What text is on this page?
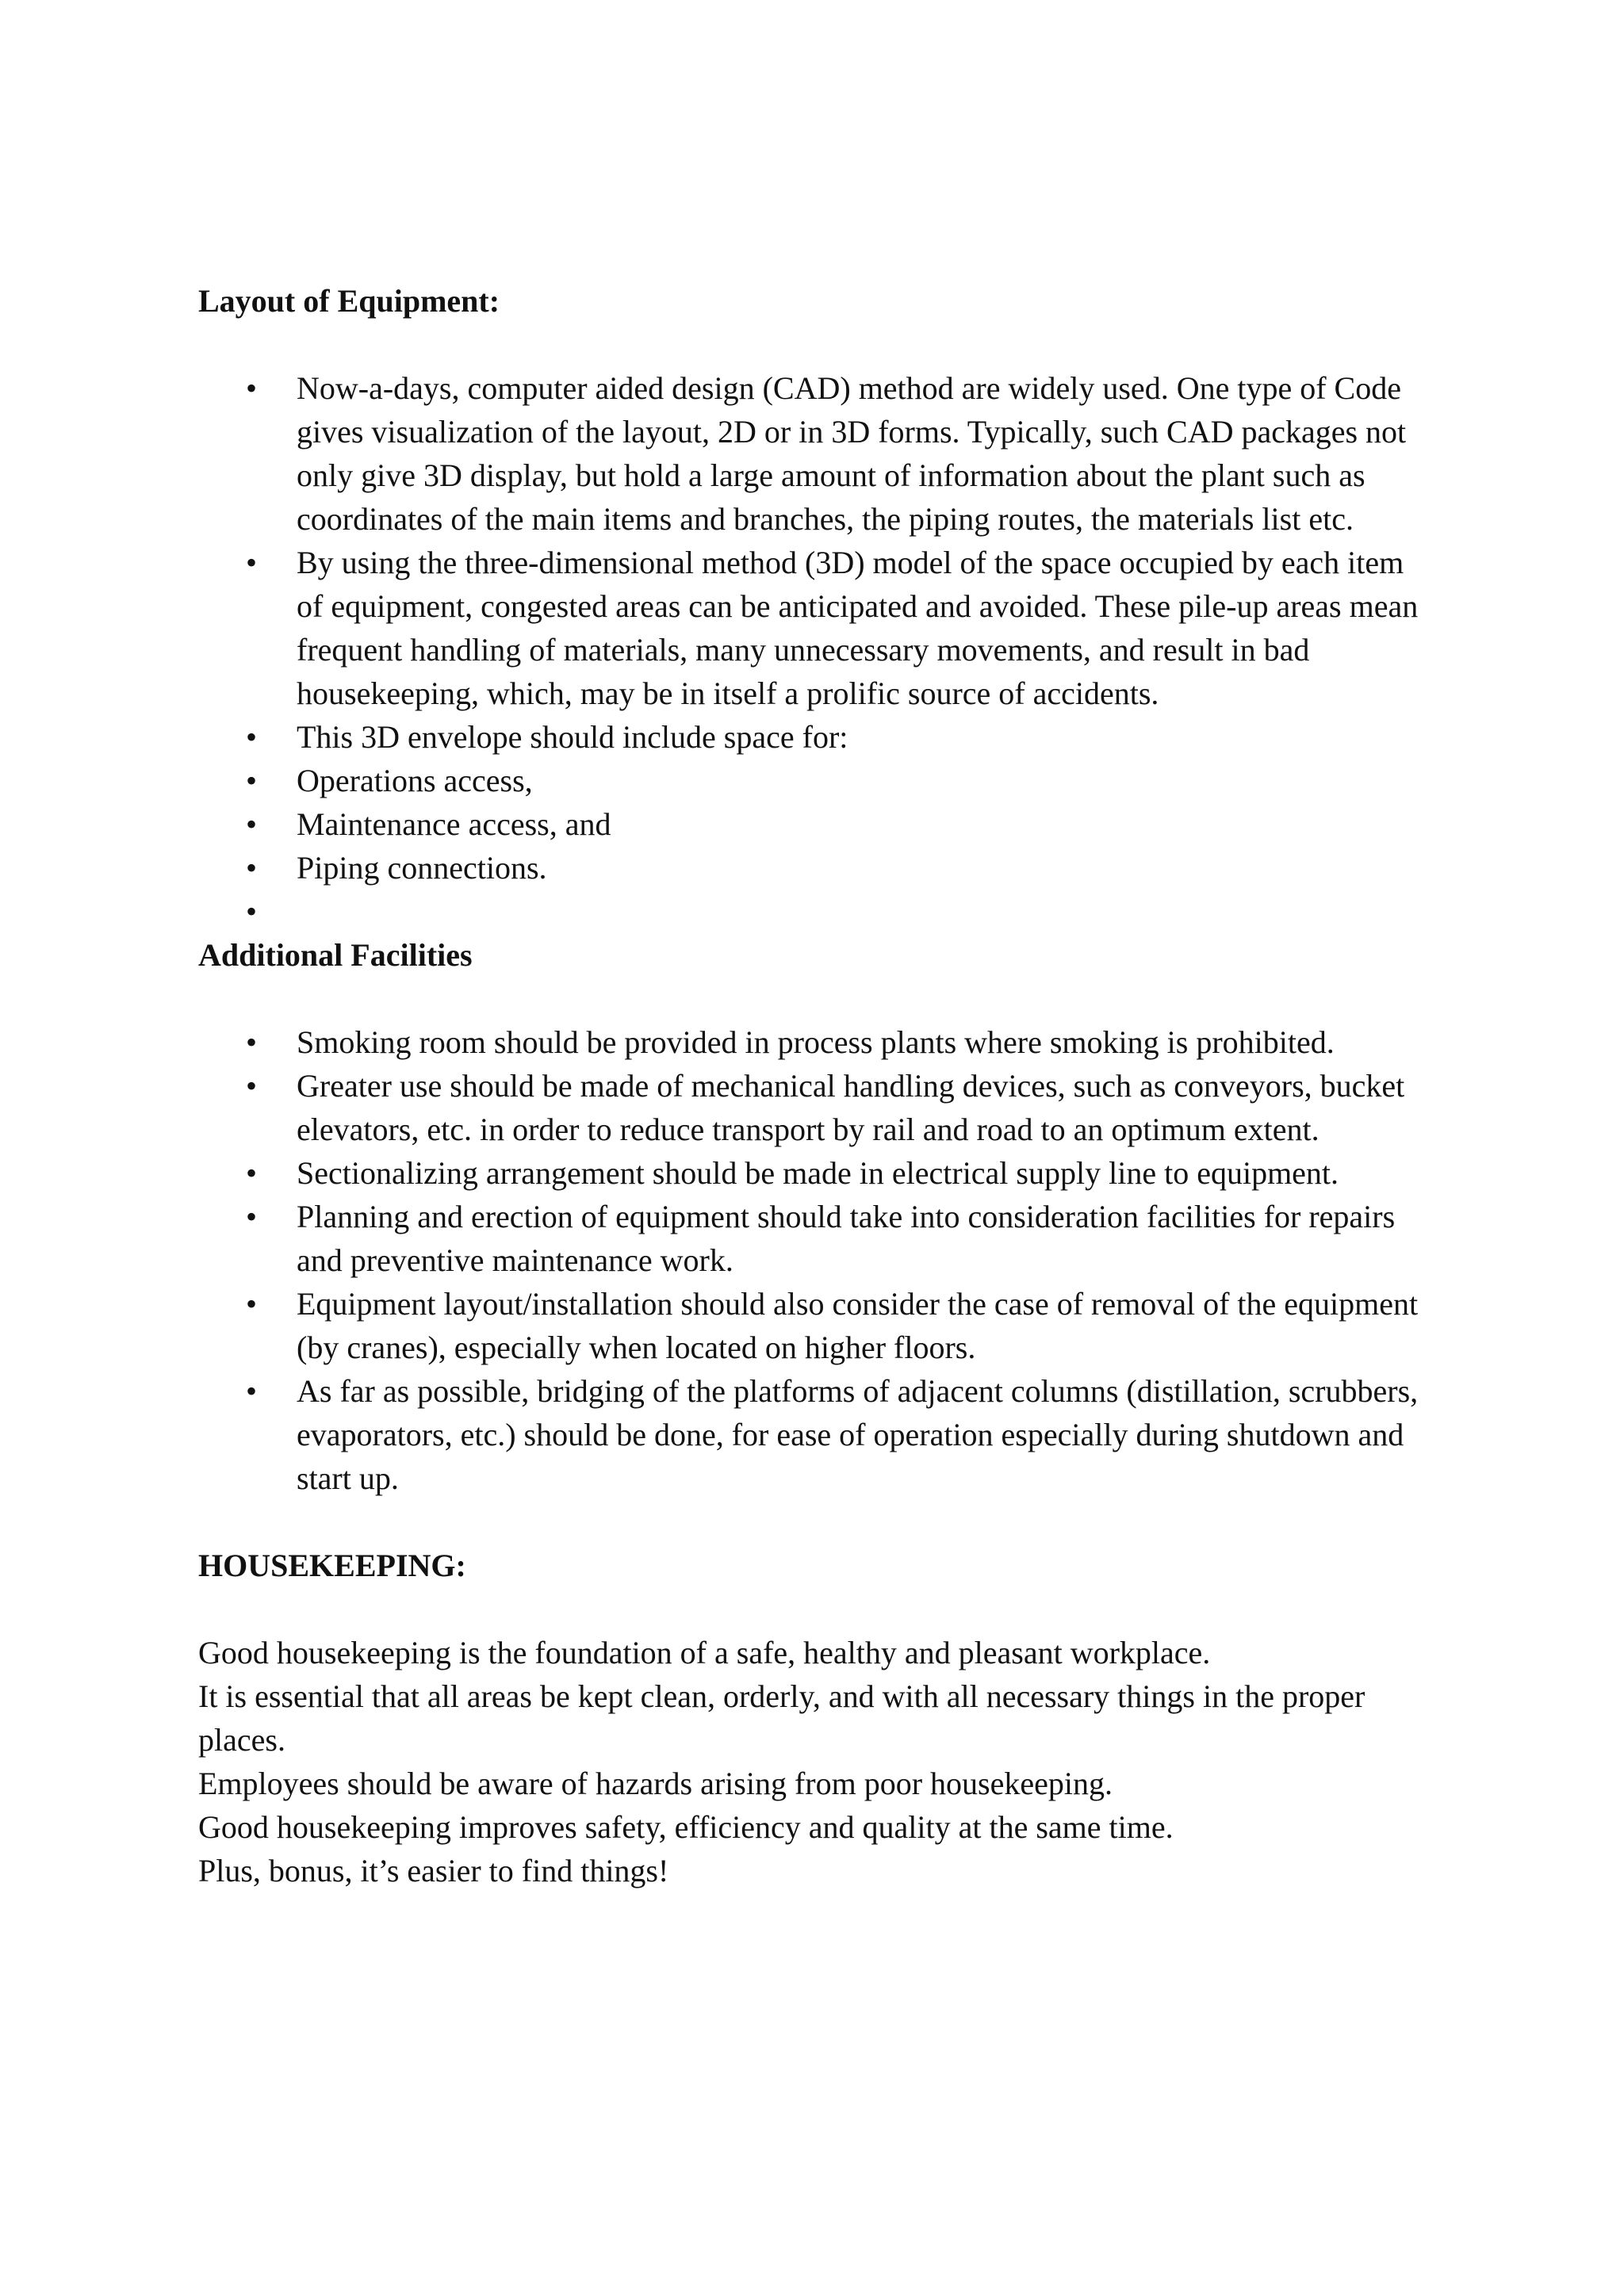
Layout of Equipment:

•	Now-a-days, computer aided design (CAD) method are widely used. One type of Code gives visualization of the layout, 2D or in 3D forms. Typically, such CAD packages not only give 3D display, but hold a large amount of information about the plant such as coordinates of the main items and branches, the piping routes, the materials list etc.
•	By using the three-dimensional method (3D) model of the space occupied by each item of equipment, congested areas can be anticipated and avoided. These pile-up areas mean frequent handling of materials, many unnecessary movements, and result in bad housekeeping, which, may be in itself a prolific source of accidents.
•	This 3D envelope should include space for:
•	Operations access,
•	Maintenance access, and
•	Piping connections.
•

Additional Facilities

•	Smoking room should be provided in process plants where smoking is prohibited.
•	Greater use should be made of mechanical handling devices, such as conveyors, bucket elevators, etc. in order to reduce transport by rail and road to an optimum extent.
•	Sectionalizing arrangement should be made in electrical supply line to equipment.
•	Planning and erection of equipment should take into consideration facilities for repairs and preventive maintenance work.
•	Equipment layout/installation should also consider the case of removal of the equipment (by cranes), especially when located on higher floors.
•	As far as possible, bridging of the platforms of adjacent columns (distillation, scrubbers, evaporators, etc.) should be done, for ease of operation especially during shutdown and start up.

HOUSEKEEPING:

Good housekeeping is the foundation of a safe, healthy and pleasant workplace.

It is essential that all areas be kept clean, orderly, and with all necessary things in the proper places.

Employees should be aware of hazards arising from poor housekeeping.

Good housekeeping improves safety, efficiency and quality at the same time.

Plus, bonus, it’s easier to find things!
